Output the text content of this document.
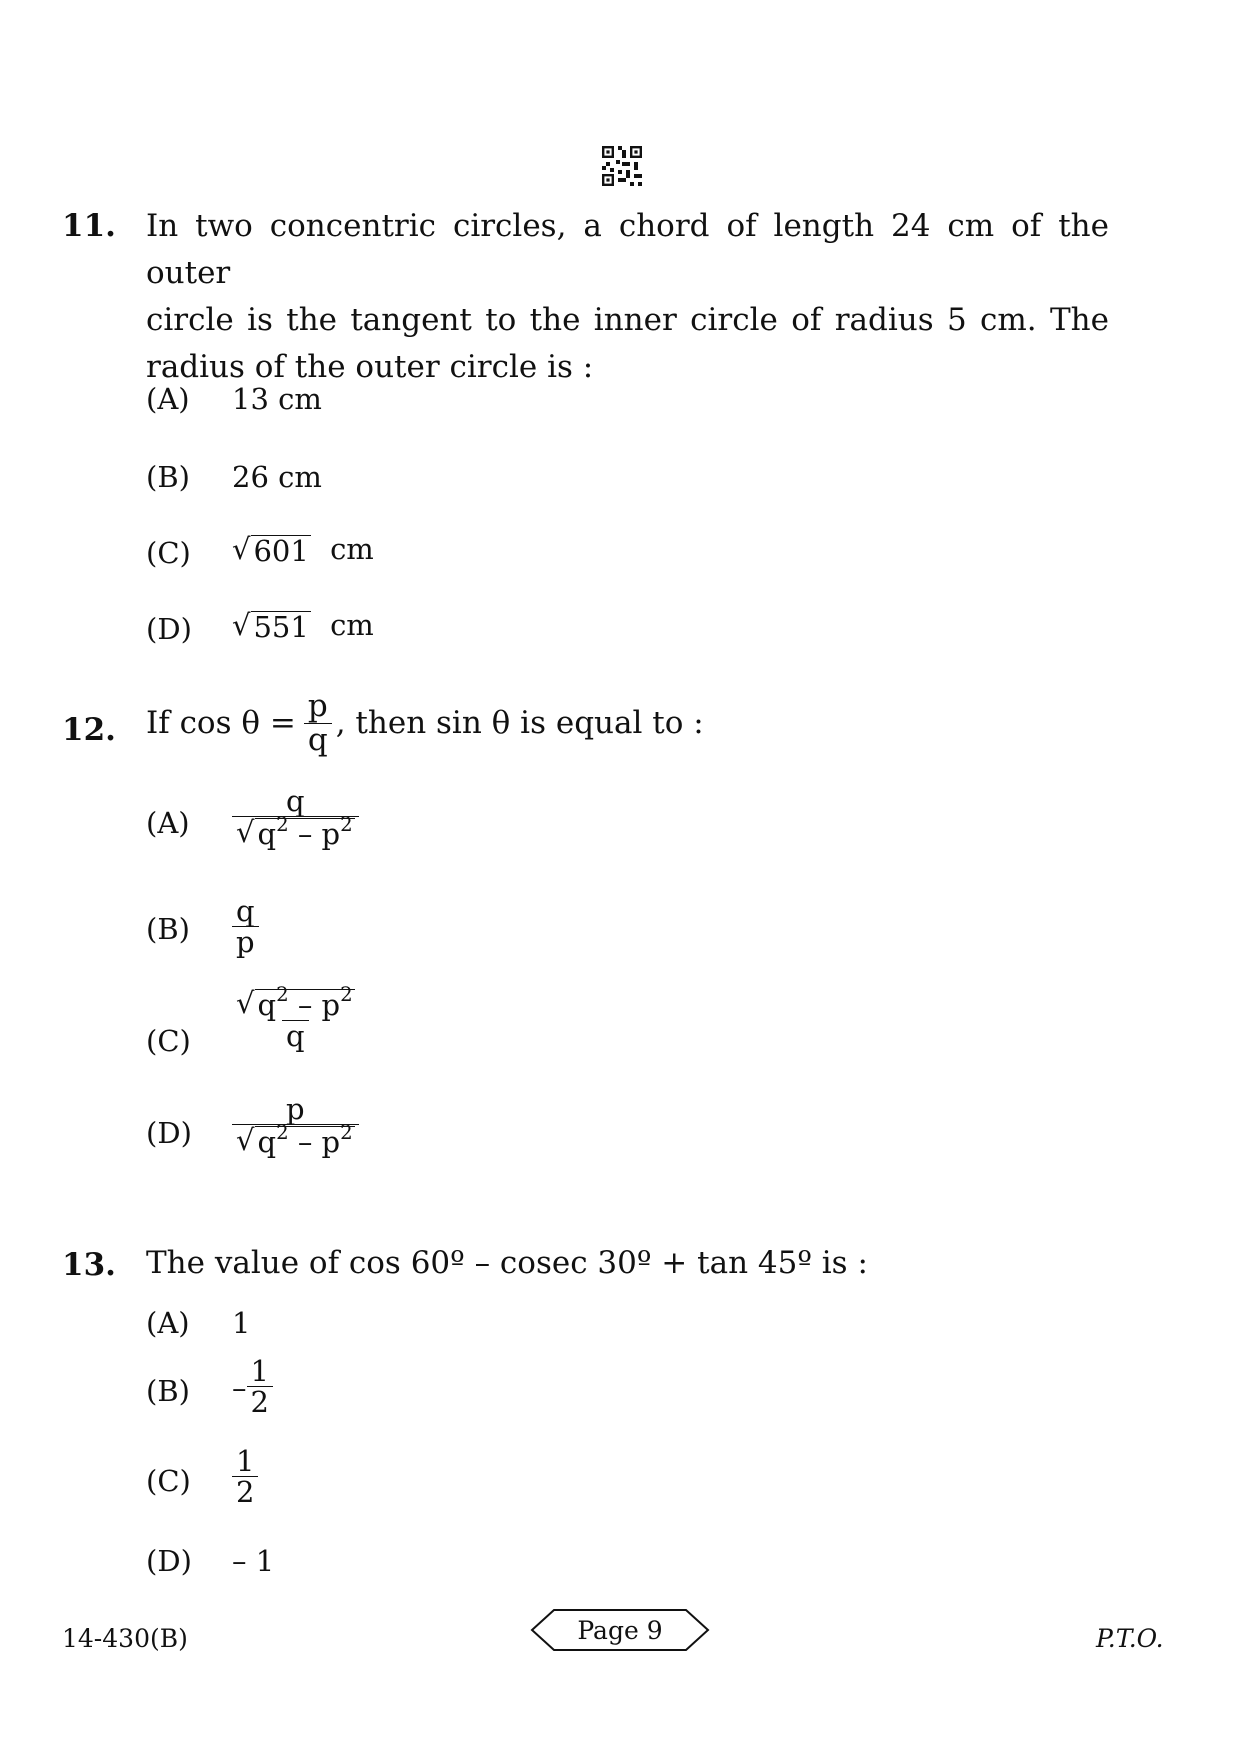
11. In two concentric circles, a chord of length 24 cm of the outer
circle is the tangent to the inner circle of radius 5 cm. The
radius of the outer circle is :
(A) 13 cm
(B) 26 cm
(C) √ 601 cm
(D) √ 551 cm
12. If $\cos \theta = \frac{p}{q}$ , then sin θ is equal to :
$(A) \frac{q}{√ q^2 - p^2}$
$(B) \frac{q}{p}$
$(C) \frac{√ q^2 - p^2}{q}$
$(D) \frac{p}{√ q^2 - p^2}$
13. The value of cos 60º – cosec 30º + tan 45º is :
(A) 1
$(B) - \frac{1}{2}$
$(C) \frac{1}{2}$
(D) – 1
14-430(B)	Page 9	P.T.O.
